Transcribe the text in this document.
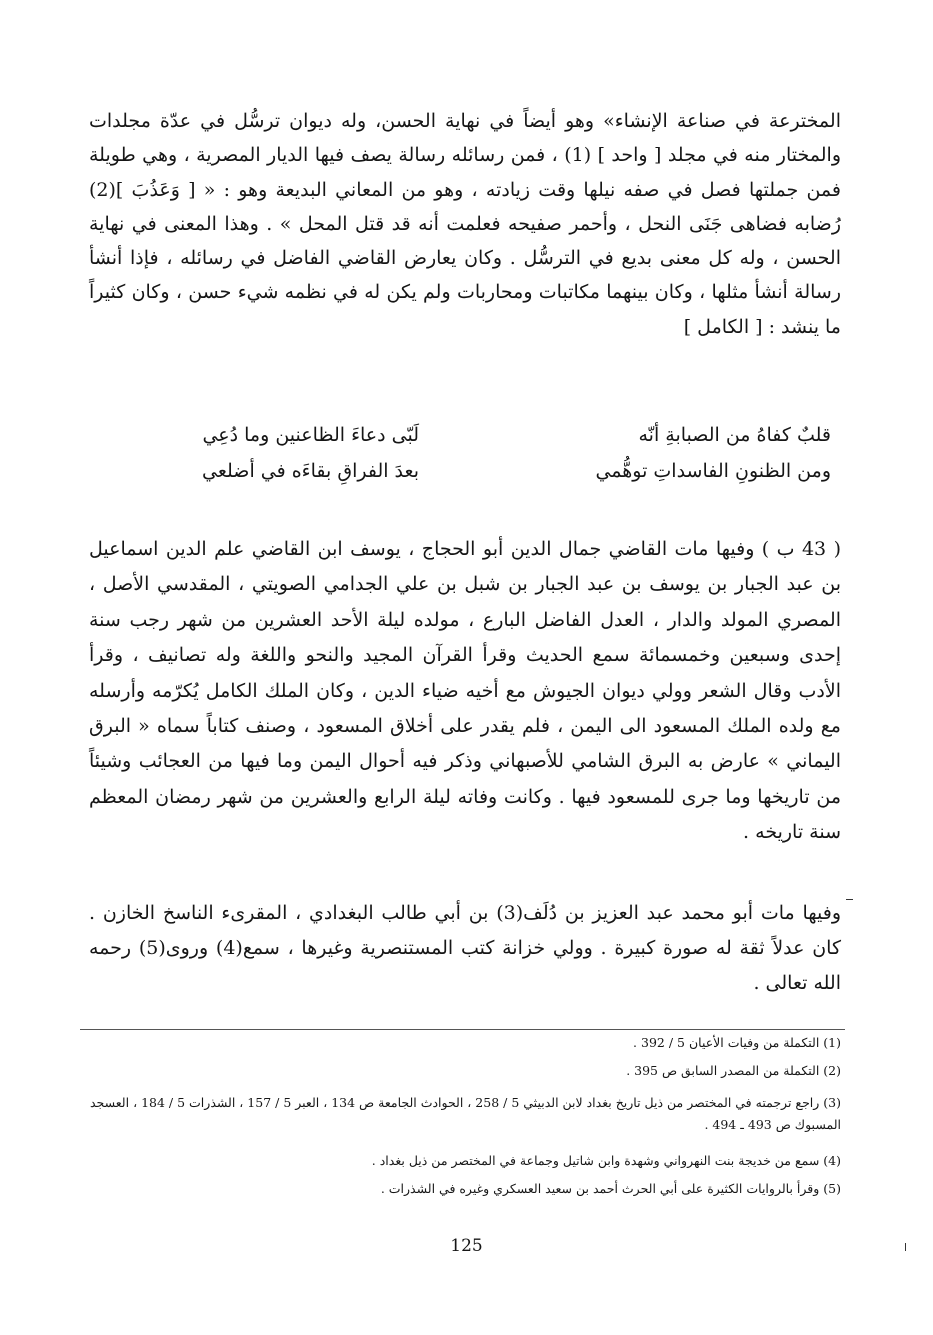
المخترعة في صناعة الإنشاء» وهو أيضاً في نهاية الحسن، وله ديوان ترسُّل في عدّة مجلدات والمختار منه في مجلد [ واحد ] (1) ، فمن رسائله رسالة يصف فيها الديار المصرية ، وهي طويلة فمن جملتها فصل في صفه نيلها وقت زيادته ، وهو من المعاني البديعة وهو : « [ وَعَذُبَ ](2) رُضابه فضاهى جَنَى النحل ، وأحمر صفيحه فعلمت أنه قد قتل المحل » . وهذا المعنى في نهاية الحسن ، وله كل معنى بديع في الترسُّل . وكان يعارض القاضي الفاضل في رسائله ، فإذا أنشأ رسالة أنشأ مثلها ، وكان بينهما مكاتبات ومحاربات ولم يكن له في نظمه شيء حسن ، وكان كثيراً ما ينشد : [ الكامل ]

قلبٌ كفاهُ من الصبابةِ أنّه
لَبّى دعاءَ الظاعنين وما دُعِي
ومن الظنونِ الفاسداتِ توهُّمي
بعدَ الفراقِ بقاءَه في أضلعي

( 43 ب ) وفيها مات القاضي جمال الدين أبو الحجاج ، يوسف ابن القاضي علم الدين اسماعيل بن عبد الجبار بن يوسف بن عبد الجبار بن شبل بن علي الجدامي الصويتي ، المقدسي الأصل ، المصري المولد والدار ، العدل الفاضل البارع ، مولده ليلة الأحد العشرين من شهر رجب سنة إحدى وسبعين وخمسمائة سمع الحديث وقرأ القرآن المجيد والنحو واللغة وله تصانيف ، وقرأ الأدب وقال الشعر وولي ديوان الجيوش مع أخيه ضياء الدين ، وكان الملك الكامل يُكرّمه وأرسله مع ولده الملك المسعود الى اليمن ، فلم يقدر على أخلاق المسعود ، وصنف كتاباً سماه « البرق اليماني » عارض به البرق الشامي للأصبهاني وذكر فيه أحوال اليمن وما فيها من العجائب وشيئاً من تاريخها وما جرى للمسعود فيها . وكانت وفاته ليلة الرابع والعشرين من شهر رمضان المعظم سنة تاريخه .

وفيها مات أبو محمد عبد العزيز بن دُلَف(3) بن أبي طالب البغدادي ، المقرىء الناسخ الخازن . كان عدلاً ثقة له صورة كبيرة . وولي خزانة كتب المستنصرية وغيرها ، سمع(4) وروى(5) رحمه الله تعالى .

(1) التكملة من وفيات الأعيان 5 / 392 .

(2) التكملة من المصدر السابق ص 395 .

(3) راجع ترجمته في المختصر من ذيل تاريخ بغداد لابن الدبيثي 5 / 258 ، الحوادث الجامعة ص 134 ، العبر 5 / 157 ، الشذرات 5 / 184 ، العسجد المسبوك ص 493 ـ 494 .

(4) سمع من خديجة بنت النهرواني وشهدة وابن شاتيل وجماعة في المختصر من ذيل بغداد .

(5) وقرأ بالروايات الكثيرة على أبي الحرث أحمد بن سعيد العسكري وغيره في الشذرات .

125
